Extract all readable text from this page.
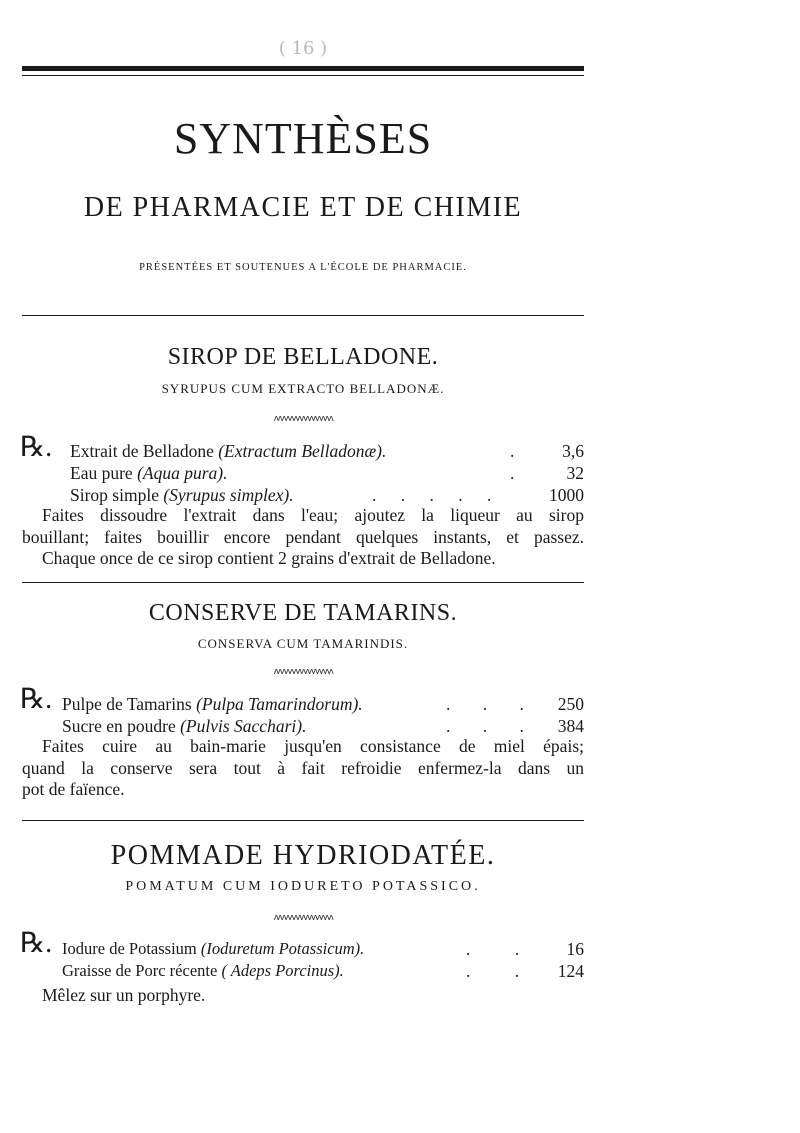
( 16 )
SYNTHÈSES
DE PHARMACIE ET DE CHIMIE
PRÉSENTÉES ET SOUTENUES A L'ÉCOLE DE PHARMACIE.
SIROP DE BELLADONE.
SYRUPUS CUM EXTRACTO BELLADONÆ.
ʌʌʌʌʌʌʌʌʌʌʌʌʌʌʌ
℞. Extrait de Belladone (Extractum Belladonæ).	.	3,6
Eau pure (Aqua pura).	.	32
Sirop simple (Syrupus simplex).	. . . . .	1000
Faites dissoudre l'extrait dans l'eau; ajoutez la liqueur au sirop
bouillant; faites bouillir encore pendant quelques instants, et passez.
Chaque once de ce sirop contient 2 grains d'extrait de Belladone.
CONSERVE DE TAMARINS.
CONSERVA CUM TAMARINDIS.
ʌʌʌʌʌʌʌʌʌʌʌʌʌʌʌ
℞. Pulpe de Tamarins (Pulpa Tamarindorum).	. . .	250
Sucre en poudre (Pulvis Sacchari).	. . .	384
Faites cuire au bain-marie jusqu'en consistance de miel épais;
quand la conserve sera tout à fait refroidie enfermez-la dans un
pot de faïence.
POMMADE HYDRIODATÉE.
POMATUM CUM IODURETO POTASSICO.
ʌʌʌʌʌʌʌʌʌʌʌʌʌʌʌ
℞. Iodure de Potassium (Ioduretum Potassicum).	. .	16
Graisse de Porc récente ( Adeps Porcinus).	. .	124
Mêlez sur un porphyre.
